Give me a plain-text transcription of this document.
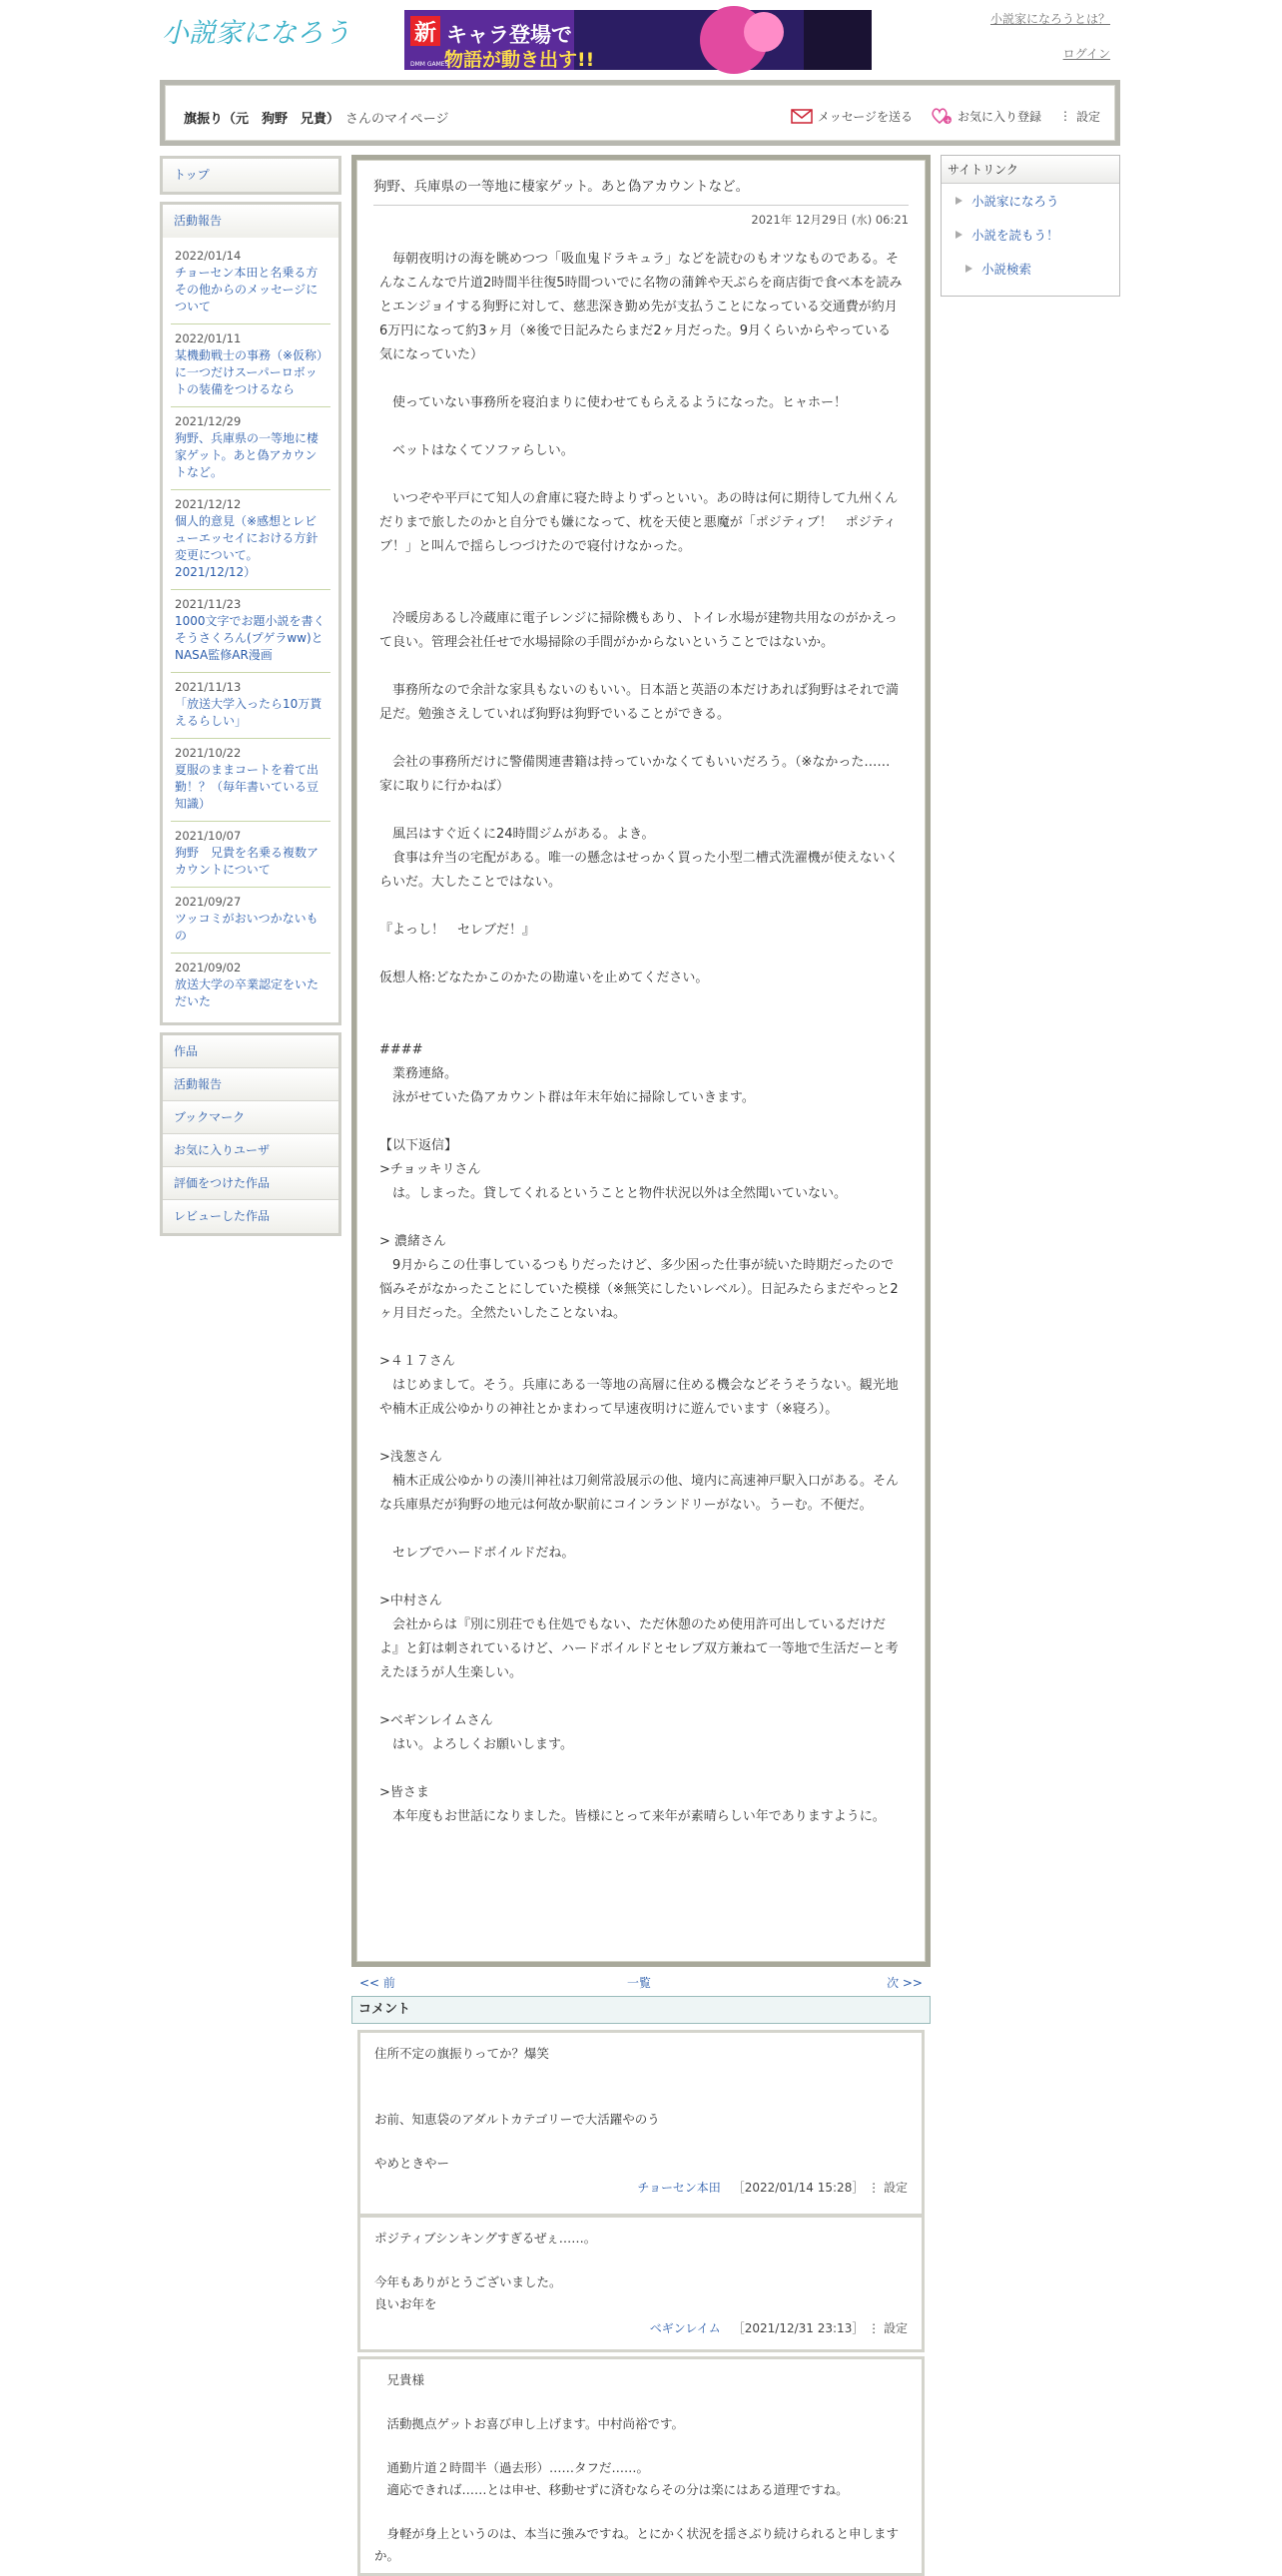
小説家になろう	新 キャラ登場で
物語が動き出す!!
DMM GAMES
小説家になろうとは？
ログイン
旗振り（元　狗野　兄貴） さんのマイページ	メッセージを送る	+ お気に入り登録 ⋮ 設定
トップ
活動報告
2022/01/14
チョーセン本田と名乗る方その他からのメッセージについて
2022/01/11
某機動戦士の事務（※仮称）に一つだけスーパーロボットの装備をつけるなら
2021/12/29
狗野、兵庫県の一等地に棲家ゲット。あと偽アカウントなど。
2021/12/12
個人的意見（※感想とレビューエッセイにおける方針変更について。2021/12/12）
2021/11/23
1000文字でお題小説を書くそうさくろん(プゲラww)とNASA監修AR漫画
2021/11/13
「放送大学入ったら10万貰えるらしい」
2021/10/22
夏服のままコートを着て出勤！？（毎年書いている豆知識）
2021/10/07
狗野　兄貴を名乗る複数アカウントについて
2021/09/27
ツッコミがおいつかないもの
2021/09/02
放送大学の卒業認定をいただいた
作品
活動報告
ブックマーク
お気に入りユーザ
評価をつけた作品
レビューした作品
狗野、兵庫県の一等地に棲家ゲット。あと偽アカウントなど。
2021年 12月29日 (水) 06:21
　毎朝夜明けの海を眺めつつ「吸血鬼ドラキュラ」などを読むのもオツなものである。そんなこんなで片道2時間半往復5時間ついでに名物の蒲鉾や天ぷらを商店街で食べ本を読みとエンジョイする狗野に対して、慈悲深き勤め先が支払うことになっている交通費が約月6万円になって約3ヶ月（※後で日記みたらまだ2ヶ月だった。9月くらいからやっている気になっていた）

　使っていない事務所を寝泊まりに使わせてもらえるようになった。ヒャホー！

　ベットはなくてソファらしい。

　いつぞや平戸にて知人の倉庫に寝た時よりずっといい。あの時は何に期待して九州くんだりまで旅したのかと自分でも嫌になって、枕を天使と悪魔が「ポジティブ！　ポジティブ！」と叫んで揺らしつづけたので寝付けなかった。

　冷暖房あるし冷蔵庫に電子レンジに掃除機もあり、トイレ水場が建物共用なのがかえって良い。管理会社任せで水場掃除の手間がかからないということではないか。

　事務所なので余計な家具もないのもいい。日本語と英語の本だけあれば狗野はそれで満足だ。勉強さえしていれば狗野は狗野でいることができる。

　会社の事務所だけに警備関連書籍は持っていかなくてもいいだろう。（※なかった……家に取りに行かねば）

　風呂はすぐ近くに24時間ジムがある。よき。
　食事は弁当の宅配がある。唯一の懸念はせっかく買った小型二槽式洗濯機が使えないくらいだ。大したことではない。

『よっし！　セレブだ！』

仮想人格:どなたかこのかたの勘違いを止めてください。

####
　業務連絡。
　泳がせていた偽アカウント群は年末年始に掃除していきます。

【以下返信】
>チョッキリさん
　は。しまった。貸してくれるということと物件状況以外は全然聞いていない。

> 濃緒さん
　9月からこの仕事しているつもりだったけど、多少困った仕事が続いた時期だったので悩みそがなかったことにしていた模様（※無笑にしたいレベル）。日記みたらまだやっと2ヶ月目だった。全然たいしたことないね。

>４１７さん
　はじめまして。そう。兵庫にある一等地の高層に住める機会などそうそうない。観光地や楠木正成公ゆかりの神社とかまわって早速夜明けに遊んでいます（※寝ろ）。

>浅葱さん
　楠木正成公ゆかりの湊川神社は刀剣常設展示の他、境内に高速神戸駅入口がある。そんな兵庫県だが狗野の地元は何故か駅前にコインランドリーがない。うーむ。不便だ。

　セレブでハードボイルドだね。

>中村さん
　会社からは『別に別荘でも住処でもない、ただ休憩のため使用許可出しているだけだよ』と釘は刺されているけど、ハードボイルドとセレブ双方兼ねて一等地で生活だーと考えたほうが人生楽しい。

>ベギンレイムさん
　はい。よろしくお願いします。

>皆さま
　本年度もお世話になりました。皆様にとって来年が素晴らしい年でありますように。
<< 前	一覧	次 >>
コメント
住所不定の旗振りってか？爆笑

お前、知恵袋のアダルトカテゴリーで大活躍やのう

やめときやー
チョーセン本田 ［2022/01/14 15:28］ ⋮ 設定
ポジティブシンキングすぎるぜぇ……。

今年もありがとうございました。
良いお年を
ベギンレイム ［2021/12/31 23:13］ ⋮ 設定
　兄貴様

　活動拠点ゲットお喜び申し上げます。中村尚裕です。

　通勤片道２時間半（過去形）……タフだ……。
　適応できれば……とは申せ、移動せずに済むならその分は楽にはある道理ですね。

　身軽が身上というのは、本当に強みですね。とにかく状況を揺さぶり続けられると申しますか。
サイトリンク
小説家になろう
小説を読もう！
小説検索
